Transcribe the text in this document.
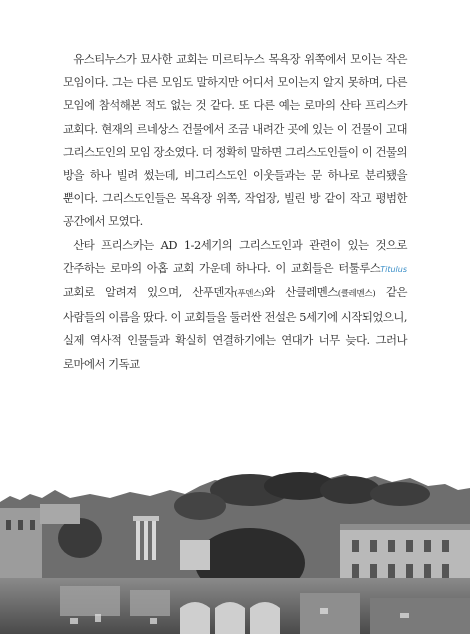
유스티누스가 묘사한 교회는 미르티누스 목욕장 위쪽에서 모이는 작은 모임이다. 그는 다른 모임도 말하지만 어디서 모이는지 알지 못하며, 다른 모임에 참석해본 적도 없는 것 같다. 또 다른 예는 로마의 산타 프리스카 교회다. 현재의 르네상스 건물에서 조금 내려간 곳에 있는 이 건물이 고대 그리스도인의 모임 장소였다. 더 정확히 말하면 그리스도인들이 이 건물의 방을 하나 빌려 썼는데, 비그리스도인 이웃들과는 문 하나로 분리됐을 뿐이다. 그리스도인들은 목욕장 위쪽, 작업장, 빌린 방 같이 작고 평범한 공간에서 모였다.

산타 프리스카는 AD 1-2세기의 그리스도인과 관련이 있는 것으로 간주하는 로마의 아홉 교회 가운데 하나다. 이 교회들은 터툴루스Titulus 교회로 알려져 있으며, 산푸덴자(푸덴스)와 산클레멘스(클레멘스) 같은 사람들의 이름을 땄다. 이 교회들을 둘러싼 전설은 5세기에 시작되었으니, 실제 역사적 인물들과 확실히 연결하기에는 연대가 너무 늦다. 그러나 로마에서 기독교
